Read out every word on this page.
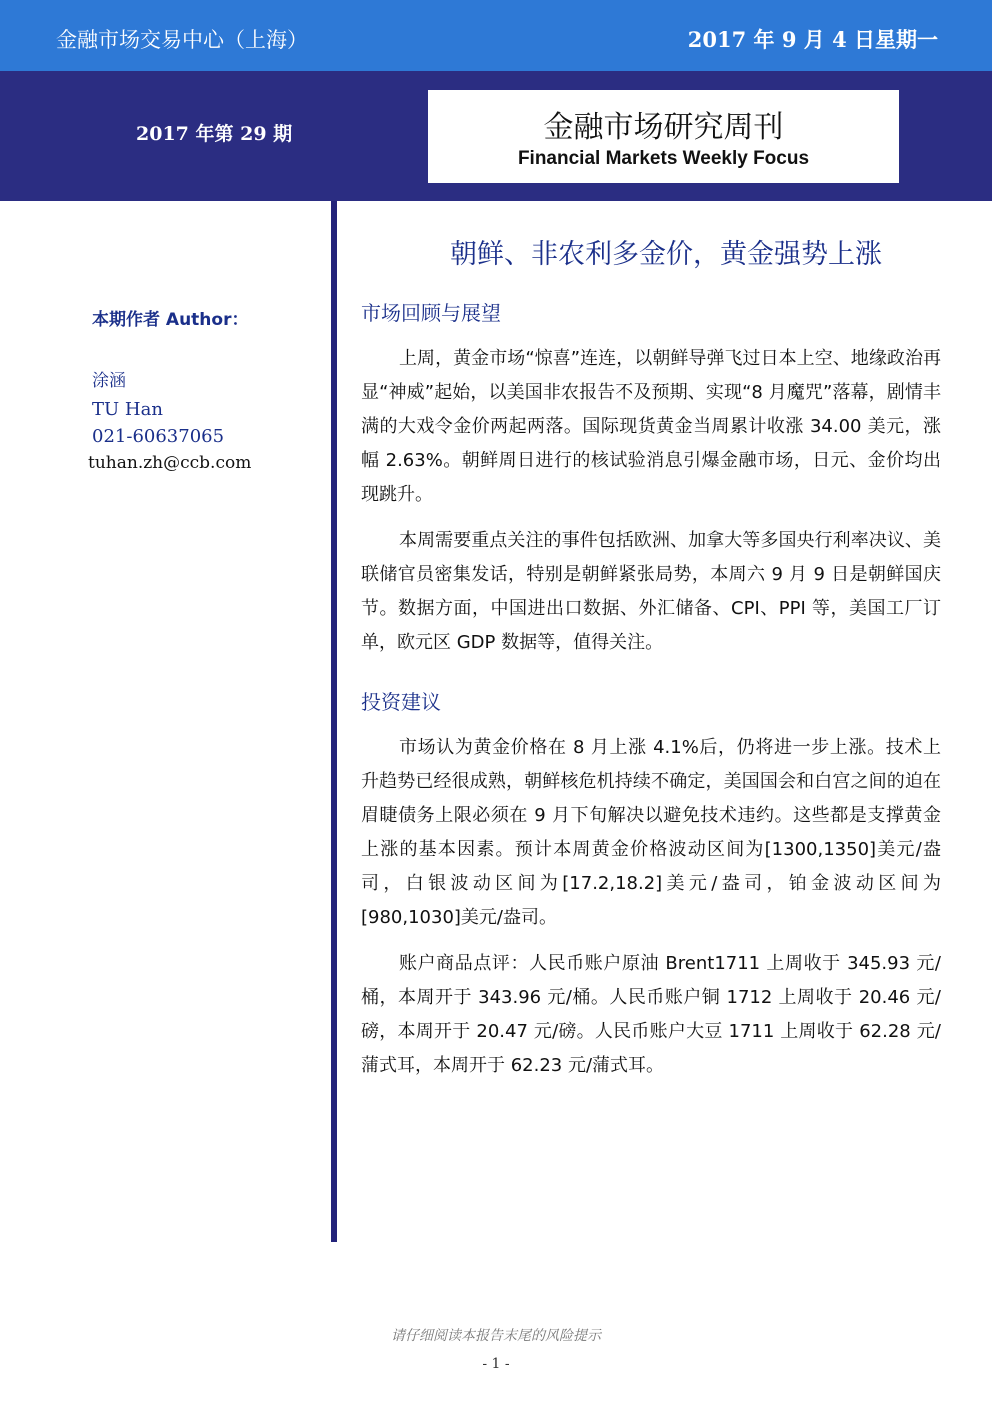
金融市场交易中心（上海）	2017 年 9 月 4 日星期一
2017 年第 29 期	金融市场研究周刊
Financial Markets Weekly Focus
本期作者 Author：
涂涵
TU Han
021-60637065
tuhan.zh@ccb.com
朝鲜、非农利多金价，黄金强势上涨
市场回顾与展望

上周，黄金市场“惊喜”连连，以朝鲜导弹飞过日本上空、地缘政治再显“神威”起始，以美国非农报告不及预期、实现“8 月魔咒”落幕，剧情丰满的大戏令金价两起两落。国际现货黄金当周累计收涨 34.00 美元，涨幅 2.63%。朝鲜周日进行的核试验消息引爆金融市场，日元、金价均出现跳升。

本周需要重点关注的事件包括欧洲、加拿大等多国央行利率决议、美联储官员密集发话，特别是朝鲜紧张局势，本周六 9 月 9 日是朝鲜国庆节。数据方面，中国进出口数据、外汇储备、CPI、PPI 等，美国工厂订单，欧元区 GDP 数据等，值得关注。

投资建议

市场认为黄金价格在 8 月上涨 4.1%后，仍将进一步上涨。技术上升趋势已经很成熟，朝鲜核危机持续不确定，美国国会和白宫之间的迫在眉睫债务上限必须在 9 月下旬解决以避免技术违约。这些都是支撑黄金上涨的基本因素。预计本周黄金价格波动区间为[1300,1350]美元/盎司，白银波动区间为[17.2,18.2]美元/盎司，铂金波动区间为[980,1030]美元/盎司。

账户商品点评：人民币账户原油 Brent1711 上周收于 345.93 元/桶，本周开于 343.96 元/桶。人民币账户铜 1712 上周收于 20.46 元/磅，本周开于 20.47 元/磅。人民币账户大豆 1711 上周收于 62.28 元/蒲式耳，本周开于 62.23 元/蒲式耳。

请仔细阅读本报告末尾的风险提示
- 1 -
